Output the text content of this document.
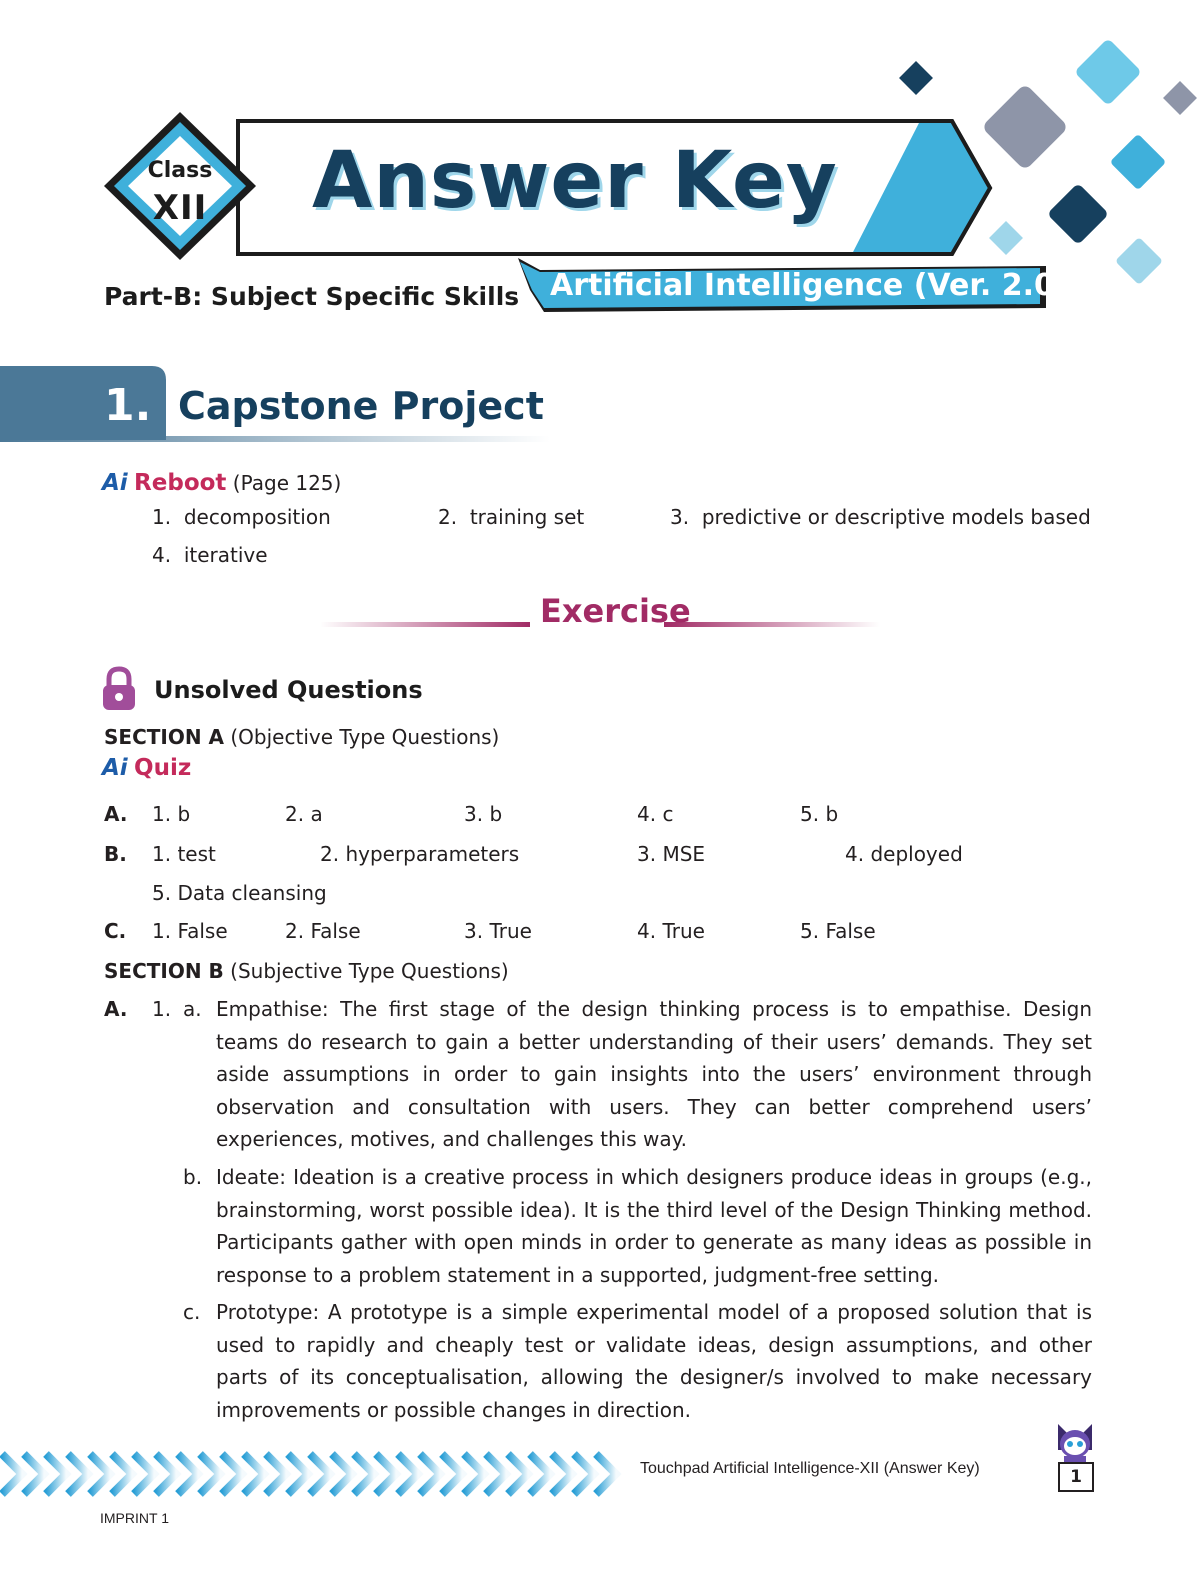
Class
XII Answer Key
Part-B: Subject Specific Skills Artificial Intelligence (Ver. 2.0)
1. Capstone Project
Ai Reboot (Page 125)
1. decomposition	2. training set	3. predictive or descriptive models based
4. iterative
Exercise
Unsolved Questions
SECTION A (Objective Type Questions)
Ai Quiz
A. 1. b	2. a	3. b	4. c	5. b
B. 1. test	2. hyperparameters	3. MSE	4. deployed
5. Data cleansing
C. 1. False	2. False	3. True	4. True	5. False
SECTION B (Subjective Type Questions)
A. 1. a. Empathise: The first stage of the design thinking process is to empathise. Design teams do research to gain a better understanding of their users’ demands. They set aside assumptions in order to gain insights into the users’ environment through observation and consultation with users. They can better comprehend users’ experiences, motives, and challenges this way.
b. Ideate: Ideation is a creative process in which designers produce ideas in groups (e.g., brainstorming, worst possible idea). It is the third level of the Design Thinking method. Participants gather with open minds in order to generate as many ideas as possible in response to a problem statement in a supported, judgment-free setting.
c. Prototype: A prototype is a simple experimental model of a proposed solution that is used to rapidly and cheaply test or validate ideas, design assumptions, and other parts of its conceptualisation, allowing the designer/s involved to make necessary improvements or possible changes in direction.
Touchpad Artificial Intelligence-XII (Answer Key)	1
IMPRINT 1
